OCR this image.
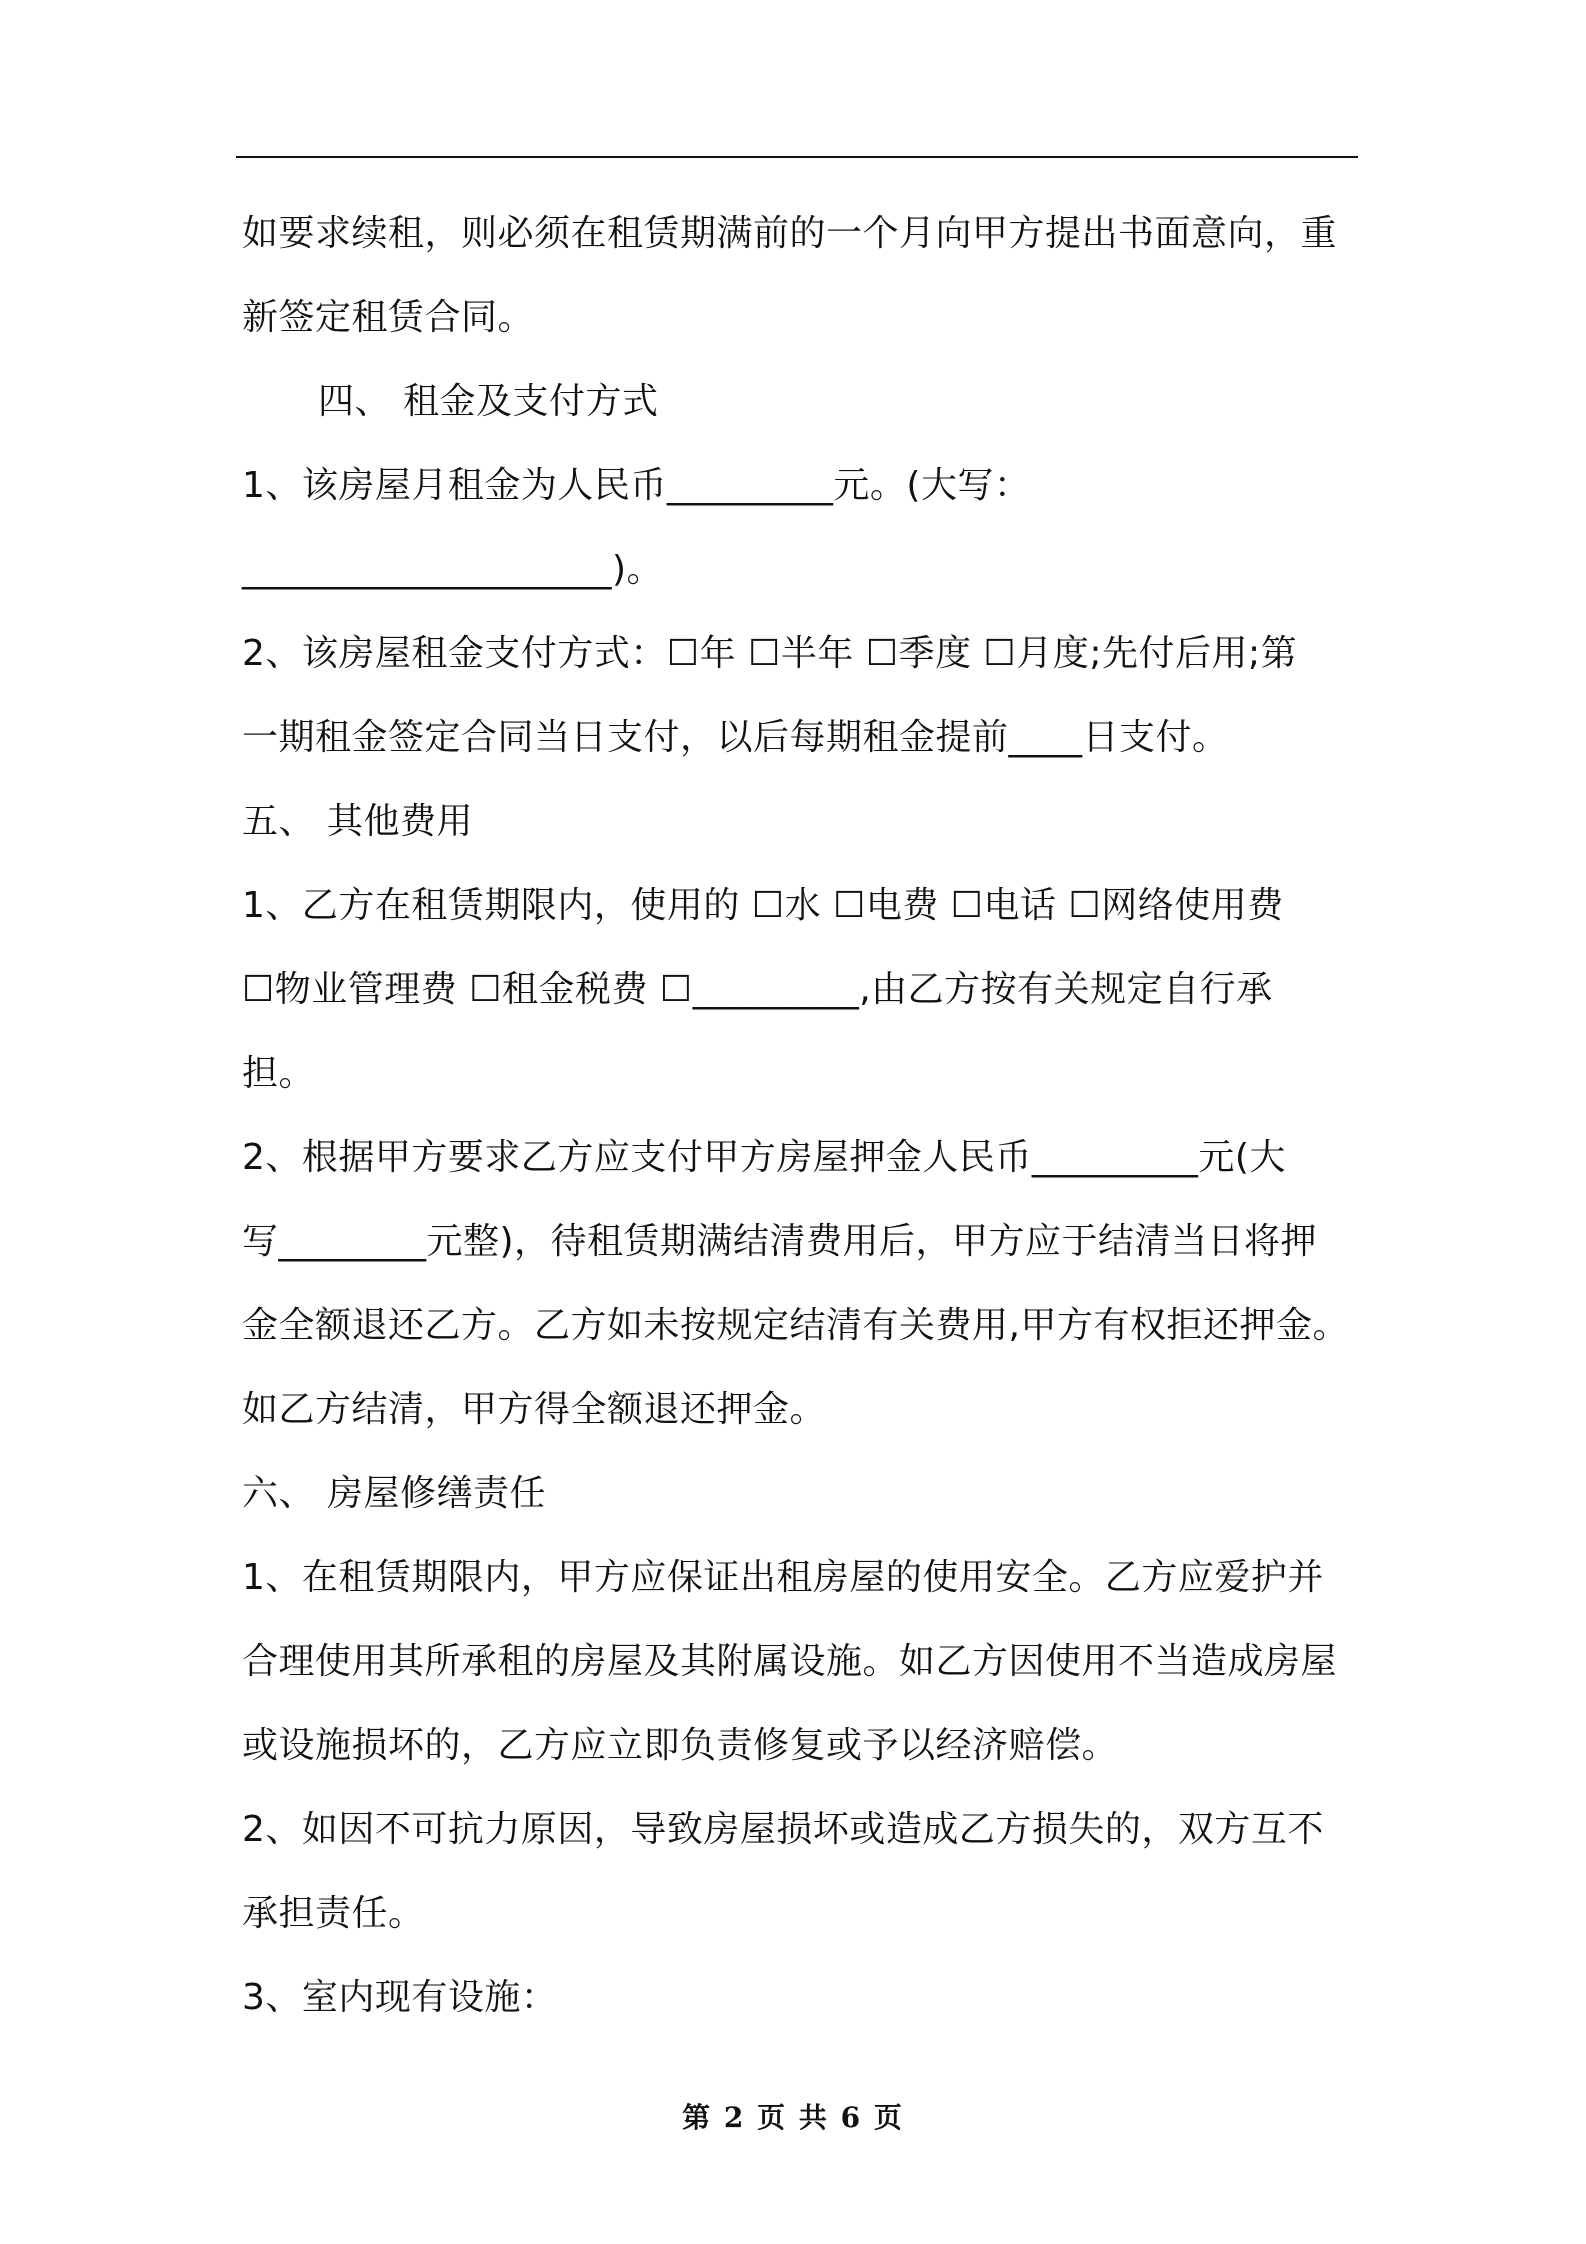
如要求续租，则必须在租赁期满前的一个月向甲方提出书面意向，重
新签定租赁合同。
四、 租金及支付方式
1、该房屋月租金为人民币_________元。(大写：
____________________)。
2、该房屋租金支付方式：☐年 ☐半年 ☐季度 ☐月度;先付后用;第
一期租金签定合同当日支付，以后每期租金提前____日支付。
五、 其他费用
1、乙方在租赁期限内，使用的 ☐水 ☐电费 ☐电话 ☐网络使用费
☐物业管理费 ☐租金税费 ☐_________,由乙方按有关规定自行承
担。
2、根据甲方要求乙方应支付甲方房屋押金人民币_________元(大
写________元整)，待租赁期满结清费用后，甲方应于结清当日将押
金全额退还乙方。乙方如未按规定结清有关费用,甲方有权拒还押金。
如乙方结清，甲方得全额退还押金。
六、 房屋修缮责任
1、在租赁期限内，甲方应保证出租房屋的使用安全。乙方应爱护并
合理使用其所承租的房屋及其附属设施。如乙方因使用不当造成房屋
或设施损坏的，乙方应立即负责修复或予以经济赔偿。
2、如因不可抗力原因，导致房屋损坏或造成乙方损失的，双方互不
承担责任。
3、室内现有设施：
第 2 页 共 6 页
